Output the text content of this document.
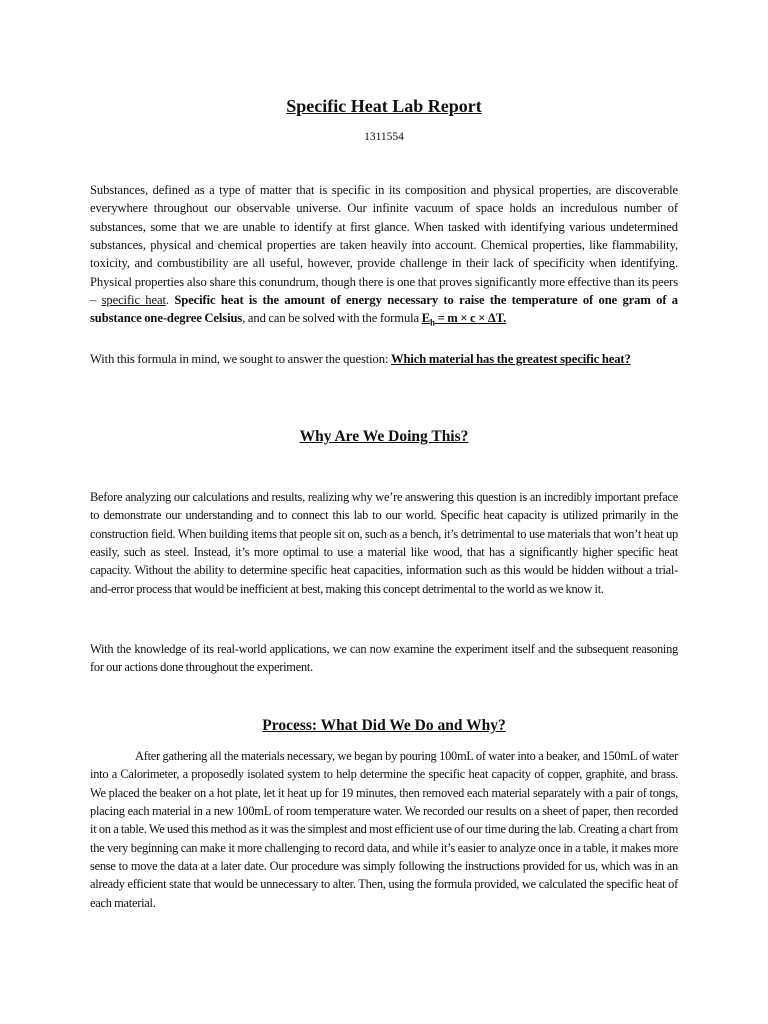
Specific Heat Lab Report
1311554

Substances, defined as a type of matter that is specific in its composition and physical properties, are discoverable everywhere throughout our observable universe. Our infinite vacuum of space holds an incredulous number of substances, some that we are unable to identify at first glance. When tasked with identifying various undetermined substances, physical and chemical properties are taken heavily into account. Chemical properties, like flammability, toxicity, and combustibility are all useful, however, provide challenge in their lack of specificity when identifying. Physical properties also share this conundrum, though there is one that proves significantly more effective than its peers – specific heat. Specific heat is the amount of energy necessary to raise the temperature of one gram of a substance one-degree Celsius, and can be solved with the formula $E_h = m \times c \times \Delta T$.

With this formula in mind, we sought to answer the question: Which material has the greatest specific heat?

Why Are We Doing This?

Before analyzing our calculations and results, realizing why we’re answering this question is an incredibly important preface to demonstrate our understanding and to connect this lab to our world. Specific heat capacity is utilized primarily in the construction field. When building items that people sit on, such as a bench, it’s detrimental to use materials that won’t heat up easily, such as steel. Instead, it’s more optimal to use a material like wood, that has a significantly higher specific heat capacity. Without the ability to determine specific heat capacities, information such as this would be hidden without a trial-and-error process that would be inefficient at best, making this concept detrimental to the world as we know it.

With the knowledge of its real-world applications, we can now examine the experiment itself and the subsequent reasoning for our actions done throughout the experiment.

Process: What Did We Do and Why?

After gathering all the materials necessary, we began by pouring 100mL of water into a beaker, and 150mL of water into a Calorimeter, a proposedly isolated system to help determine the specific heat capacity of copper, graphite, and brass. We placed the beaker on a hot plate, let it heat up for 19 minutes, then removed each material separately with a pair of tongs, placing each material in a new 100mL of room temperature water. We recorded our results on a sheet of paper, then recorded it on a table. We used this method as it was the simplest and most efficient use of our time during the lab. Creating a chart from the very beginning can make it more challenging to record data, and while it’s easier to analyze once in a table, it makes more sense to move the data at a later date. Our procedure was simply following the instructions provided for us, which was in an already efficient state that would be unnecessary to alter. Then, using the formula provided, we calculated the specific heat of each material.
